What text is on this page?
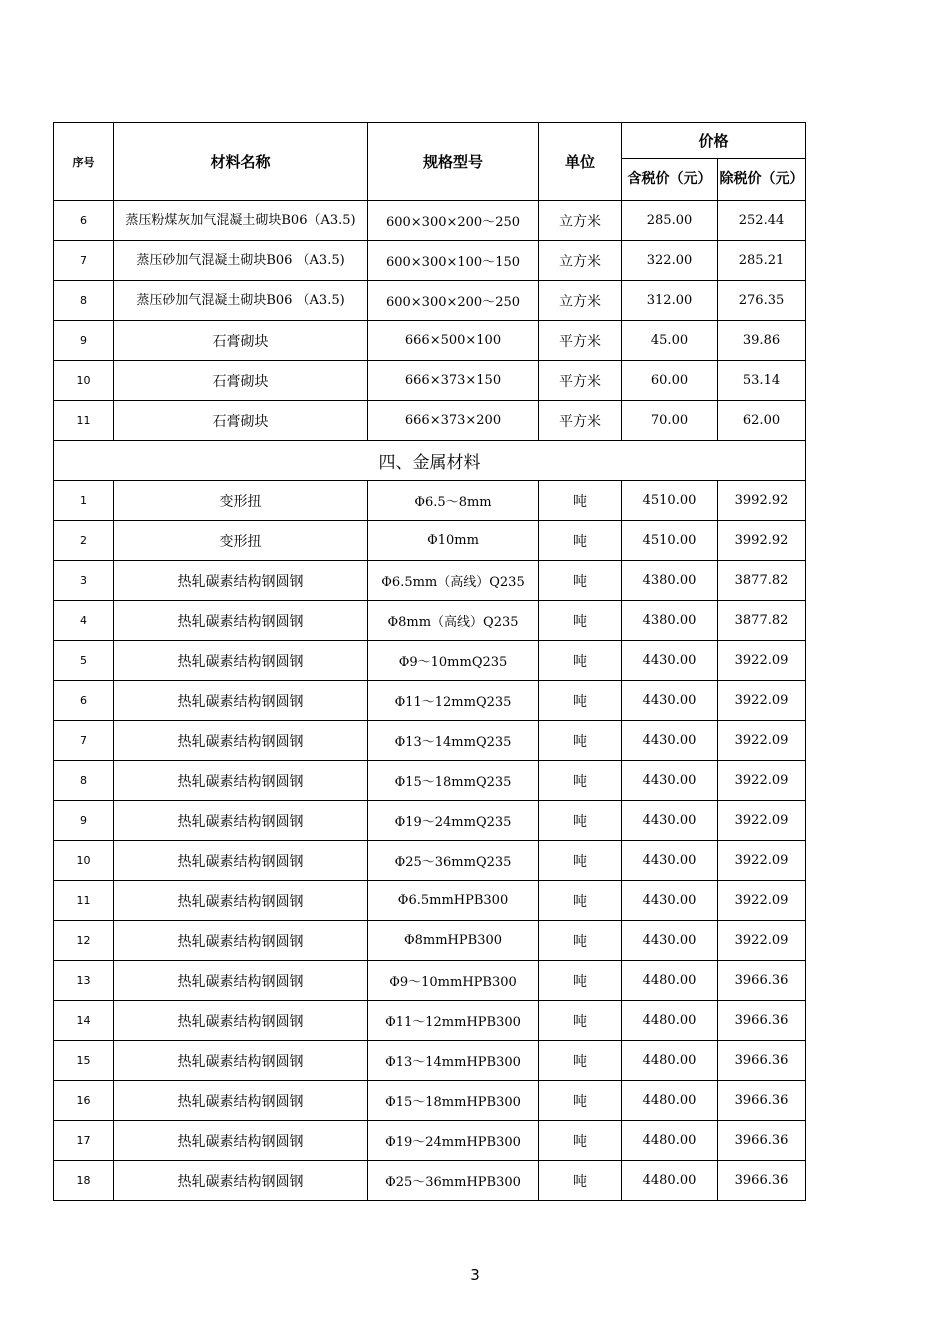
序号	材料名称	规格型号	单位	价格	
				含税价（元）	除税价（元）
6	蒸压粉煤灰加气混凝土砌块B06（A3.5)	600×300×200～250	立方米	285.00	252.44
7	蒸压砂加气混凝土砌块B06 （A3.5)	600×300×100～150	立方米	322.00	285.21
8	蒸压砂加气混凝土砌块B06 （A3.5)	600×300×200～250	立方米	312.00	276.35
9	石膏砌块	666×500×100	平方米	45.00	39.86
10	石膏砌块	666×373×150	平方米	60.00	53.14
11	石膏砌块	666×373×200	平方米	70.00	62.00
四、金属材料					
1	变形扭	Φ6.5～8mm	吨	4510.00	3992.92
2	变形扭	Φ10mm	吨	4510.00	3992.92
3	热轧碳素结构钢圆钢	Φ6.5mm（高线）Q235	吨	4380.00	3877.82
4	热轧碳素结构钢圆钢	Φ8mm（高线）Q235	吨	4380.00	3877.82
5	热轧碳素结构钢圆钢	Φ9～10mmQ235	吨	4430.00	3922.09
6	热轧碳素结构钢圆钢	Φ11～12mmQ235	吨	4430.00	3922.09
7	热轧碳素结构钢圆钢	Φ13～14mmQ235	吨	4430.00	3922.09
8	热轧碳素结构钢圆钢	Φ15～18mmQ235	吨	4430.00	3922.09
9	热轧碳素结构钢圆钢	Φ19～24mmQ235	吨	4430.00	3922.09
10	热轧碳素结构钢圆钢	Φ25～36mmQ235	吨	4430.00	3922.09
11	热轧碳素结构钢圆钢	Φ6.5mmHPB300	吨	4430.00	3922.09
12	热轧碳素结构钢圆钢	Φ8mmHPB300	吨	4430.00	3922.09
13	热轧碳素结构钢圆钢	Φ9～10mmHPB300	吨	4480.00	3966.36
14	热轧碳素结构钢圆钢	Φ11～12mmHPB300	吨	4480.00	3966.36
15	热轧碳素结构钢圆钢	Φ13～14mmHPB300	吨	4480.00	3966.36
16	热轧碳素结构钢圆钢	Φ15～18mmHPB300	吨	4480.00	3966.36
17	热轧碳素结构钢圆钢	Φ19～24mmHPB300	吨	4480.00	3966.36
18	热轧碳素结构钢圆钢	Φ25～36mmHPB300	吨	4480.00	3966.36
3
